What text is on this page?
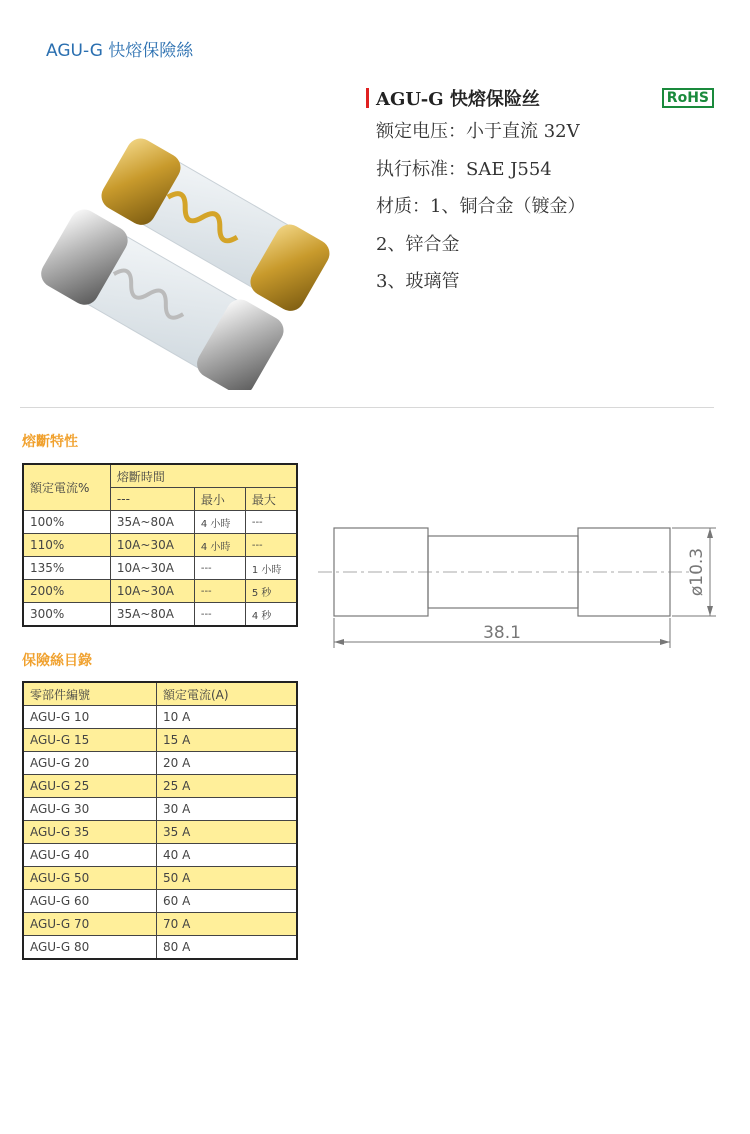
AGU-G 快熔保險絲
AGU-G 快熔保险丝	RoHS
额定电压：小于直流 32V
执行标准：SAE J554
材质：1、铜合金（镀金）
2、锌合金
3、玻璃管
熔斷特性
額定電流%	熔斷時間		
	---	最小	最大
100%	35A~80A	4 小時	---
110%	10A~30A	4 小時	---
135%	10A~30A	---	1 小時
200%	10A~30A	---	5 秒
300%	35A~80A	---	4 秒
38.1
ø10.3
保險絲目錄
零部件編號	額定電流(A)
AGU-G 10	10 A
AGU-G 15	15 A
AGU-G 20	20 A
AGU-G 25	25 A
AGU-G 30	30 A
AGU-G 35	35 A
AGU-G 40	40 A
AGU-G 50	50 A
AGU-G 60	60 A
AGU-G 70	70 A
AGU-G 80	80 A
